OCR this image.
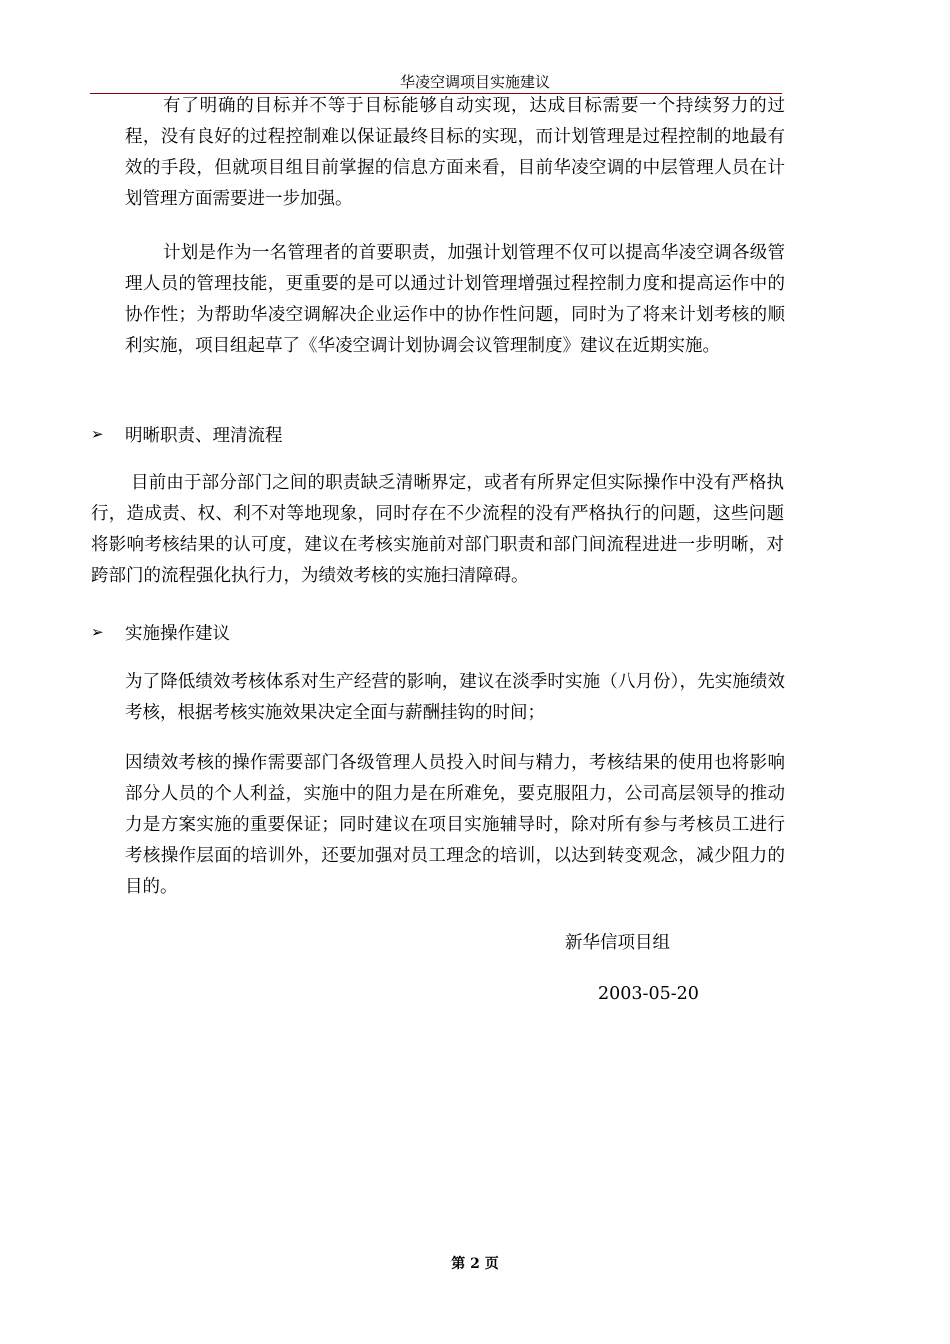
华凌空调项目实施建议

有了明确的目标并不等于目标能够自动实现，达成目标需要一个持续努力的过程，没有良好的过程控制难以保证最终目标的实现，而计划管理是过程控制的地最有效的手段，但就项目组目前掌握的信息方面来看，目前华凌空调的中层管理人员在计划管理方面需要进一步加强。

计划是作为一名管理者的首要职责，加强计划管理不仅可以提高华凌空调各级管理人员的管理技能，更重要的是可以通过计划管理增强过程控制力度和提高运作中的协作性；为帮助华凌空调解决企业运作中的协作性问题，同时为了将来计划考核的顺利实施，项目组起草了《华凌空调计划协调会议管理制度》建议在近期实施。

➢	明晰职责、理清流程

目前由于部分部门之间的职责缺乏清晰界定，或者有所界定但实际操作中没有严格执行，造成责、权、利不对等地现象，同时存在不少流程的没有严格执行的问题，这些问题将影响考核结果的认可度，建议在考核实施前对部门职责和部门间流程进进一步明晰，对跨部门的流程强化执行力，为绩效考核的实施扫清障碍。

➢	实施操作建议

为了降低绩效考核体系对生产经营的影响，建议在淡季时实施（八月份），先实施绩效考核，根据考核实施效果决定全面与薪酬挂钩的时间；

因绩效考核的操作需要部门各级管理人员投入时间与精力，考核结果的使用也将影响部分人员的个人利益，实施中的阻力是在所难免，要克服阻力，公司高层领导的推动力是方案实施的重要保证；同时建议在项目实施辅导时，除对所有参与考核员工进行考核操作层面的培训外，还要加强对员工理念的培训，以达到转变观念，减少阻力的目的。

新华信项目组
2003-05-20
第 2 页
